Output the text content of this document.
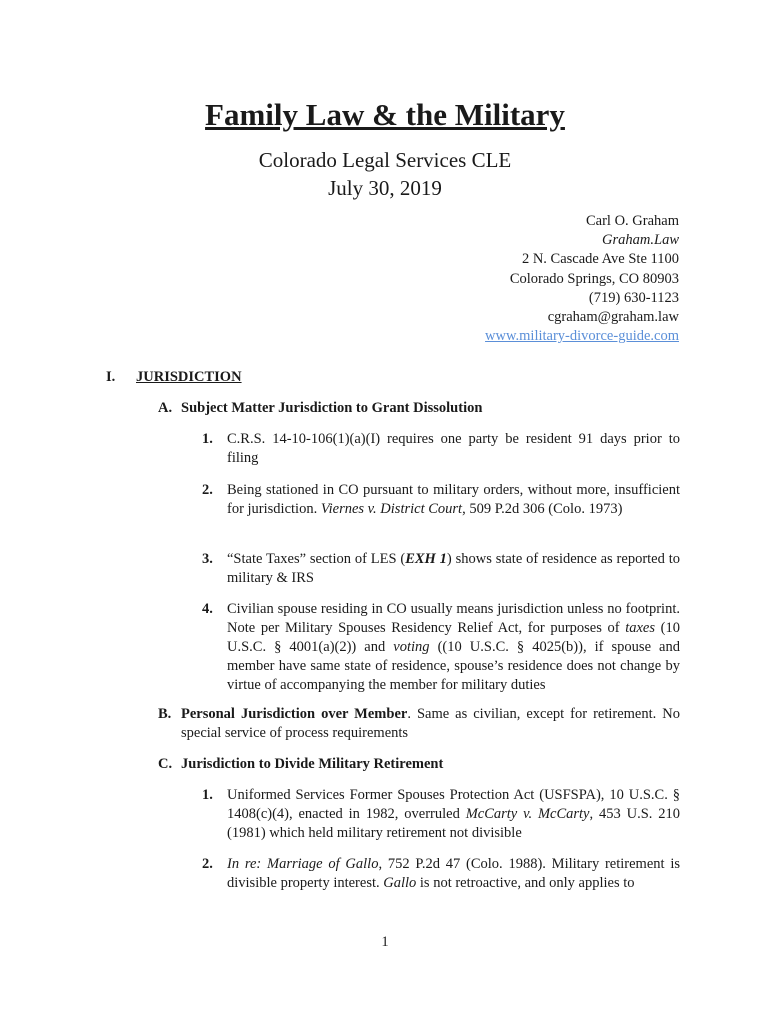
Family Law & the Military
Colorado Legal Services CLE
July 30, 2019
Carl O. Graham
Graham.Law
2 N. Cascade Ave Ste 1100
Colorado Springs, CO 80903
(719) 630-1123
cgraham@graham.law
www.military-divorce-guide.com
I. JURISDICTION
A. Subject Matter Jurisdiction to Grant Dissolution
1. C.R.S. 14-10-106(1)(a)(I) requires one party be resident 91 days prior to filing
2. Being stationed in CO pursuant to military orders, without more, insufficient for jurisdiction. Viernes v. District Court, 509 P.2d 306 (Colo. 1973)
3. “State Taxes” section of LES (EXH 1) shows state of residence as reported to military & IRS
4. Civilian spouse residing in CO usually means jurisdiction unless no footprint. Note per Military Spouses Residency Relief Act, for purposes of taxes (10 U.S.C. § 4001(a)(2)) and voting ((10 U.S.C. § 4025(b)), if spouse and member have same state of residence, spouse’s residence does not change by virtue of accompanying the member for military duties
B. Personal Jurisdiction over Member. Same as civilian, except for retirement. No special service of process requirements
C. Jurisdiction to Divide Military Retirement
1. Uniformed Services Former Spouses Protection Act (USFSPA), 10 U.S.C. § 1408(c)(4), enacted in 1982, overruled McCarty v. McCarty, 453 U.S. 210 (1981) which held military retirement not divisible
2. In re: Marriage of Gallo, 752 P.2d 47 (Colo. 1988). Military retirement is divisible property interest. Gallo is not retroactive, and only applies to
1
